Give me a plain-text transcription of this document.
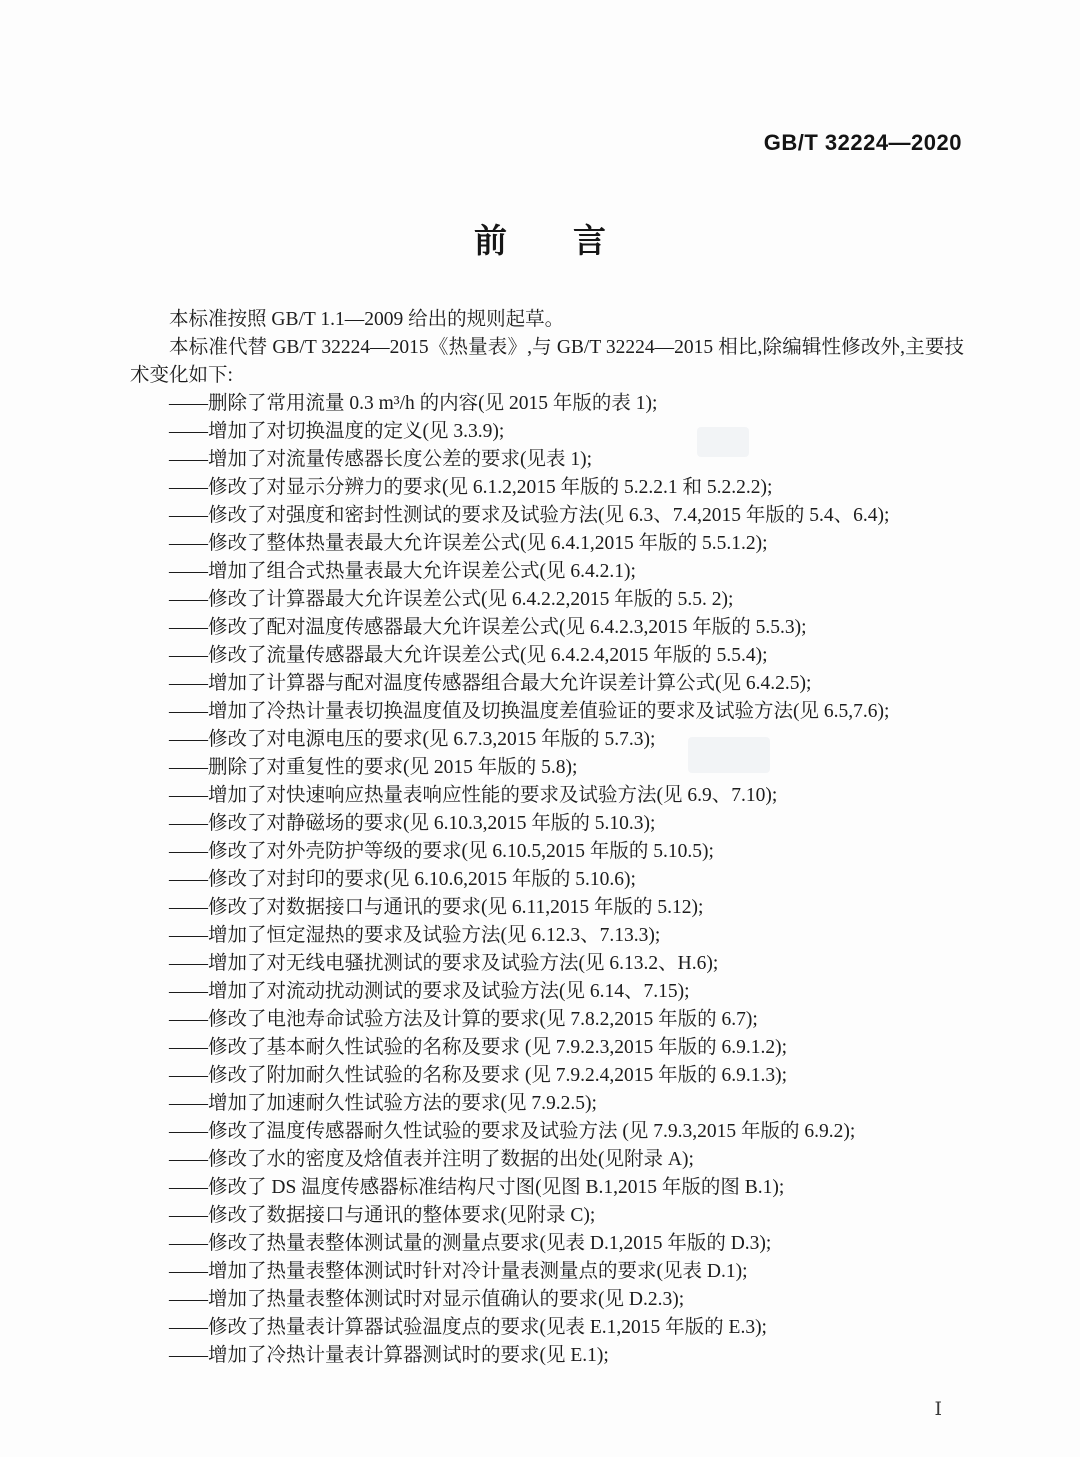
GB/T 32224—2020
前　　言

本标准按照 GB/T 1.1—2009 给出的规则起草。

本标准代替 GB/T 32224—2015《热量表》,与 GB/T 32224—2015 相比,除编辑性修改外,主要技术变化如下:

——删除了常用流量 0.3 m³/h 的内容(见 2015 年版的表 1);

——增加了对切换温度的定义(见 3.3.9);

——增加了对流量传感器长度公差的要求(见表 1);

——修改了对显示分辨力的要求(见 6.1.2,2015 年版的 5.2.2.1 和 5.2.2.2);

——修改了对强度和密封性测试的要求及试验方法(见 6.3、7.4,2015 年版的 5.4、6.4);

——修改了整体热量表最大允许误差公式(见 6.4.1,2015 年版的 5.5.1.2);

——增加了组合式热量表最大允许误差公式(见 6.4.2.1);

——修改了计算器最大允许误差公式(见 6.4.2.2,2015 年版的 5.5. 2);

——修改了配对温度传感器最大允许误差公式(见 6.4.2.3,2015 年版的 5.5.3);

——修改了流量传感器最大允许误差公式(见 6.4.2.4,2015 年版的 5.5.4);

——增加了计算器与配对温度传感器组合最大允许误差计算公式(见 6.4.2.5);

——增加了冷热计量表切换温度值及切换温度差值验证的要求及试验方法(见 6.5,7.6);

——修改了对电源电压的要求(见 6.7.3,2015 年版的 5.7.3);

——删除了对重复性的要求(见 2015 年版的 5.8);

——增加了对快速响应热量表响应性能的要求及试验方法(见 6.9、7.10);

——修改了对静磁场的要求(见 6.10.3,2015 年版的 5.10.3);

——修改了对外壳防护等级的要求(见 6.10.5,2015 年版的 5.10.5);

——修改了对封印的要求(见 6.10.6,2015 年版的 5.10.6);

——修改了对数据接口与通讯的要求(见 6.11,2015 年版的 5.12);

——增加了恒定湿热的要求及试验方法(见 6.12.3、7.13.3);

——增加了对无线电骚扰测试的要求及试验方法(见 6.13.2、H.6);

——增加了对流动扰动测试的要求及试验方法(见 6.14、7.15);

——修改了电池寿命试验方法及计算的要求(见 7.8.2,2015 年版的 6.7);

——修改了基本耐久性试验的名称及要求 (见 7.9.2.3,2015 年版的 6.9.1.2);

——修改了附加耐久性试验的名称及要求 (见 7.9.2.4,2015 年版的 6.9.1.3);

——增加了加速耐久性试验方法的要求(见 7.9.2.5);

——修改了温度传感器耐久性试验的要求及试验方法 (见 7.9.3,2015 年版的 6.9.2);

——修改了水的密度及焓值表并注明了数据的出处(见附录 A);

——修改了 DS 温度传感器标准结构尺寸图(见图 B.1,2015 年版的图 B.1);

——修改了数据接口与通讯的整体要求(见附录 C);

——修改了热量表整体测试量的测量点要求(见表 D.1,2015 年版的 D.3);

——增加了热量表整体测试时针对冷计量表测量点的要求(见表 D.1);

——增加了热量表整体测试时对显示值确认的要求(见 D.2.3);

——修改了热量表计算器试验温度点的要求(见表 E.1,2015 年版的 E.3);

——增加了冷热计量表计算器测试时的要求(见 E.1);

Ⅰ
